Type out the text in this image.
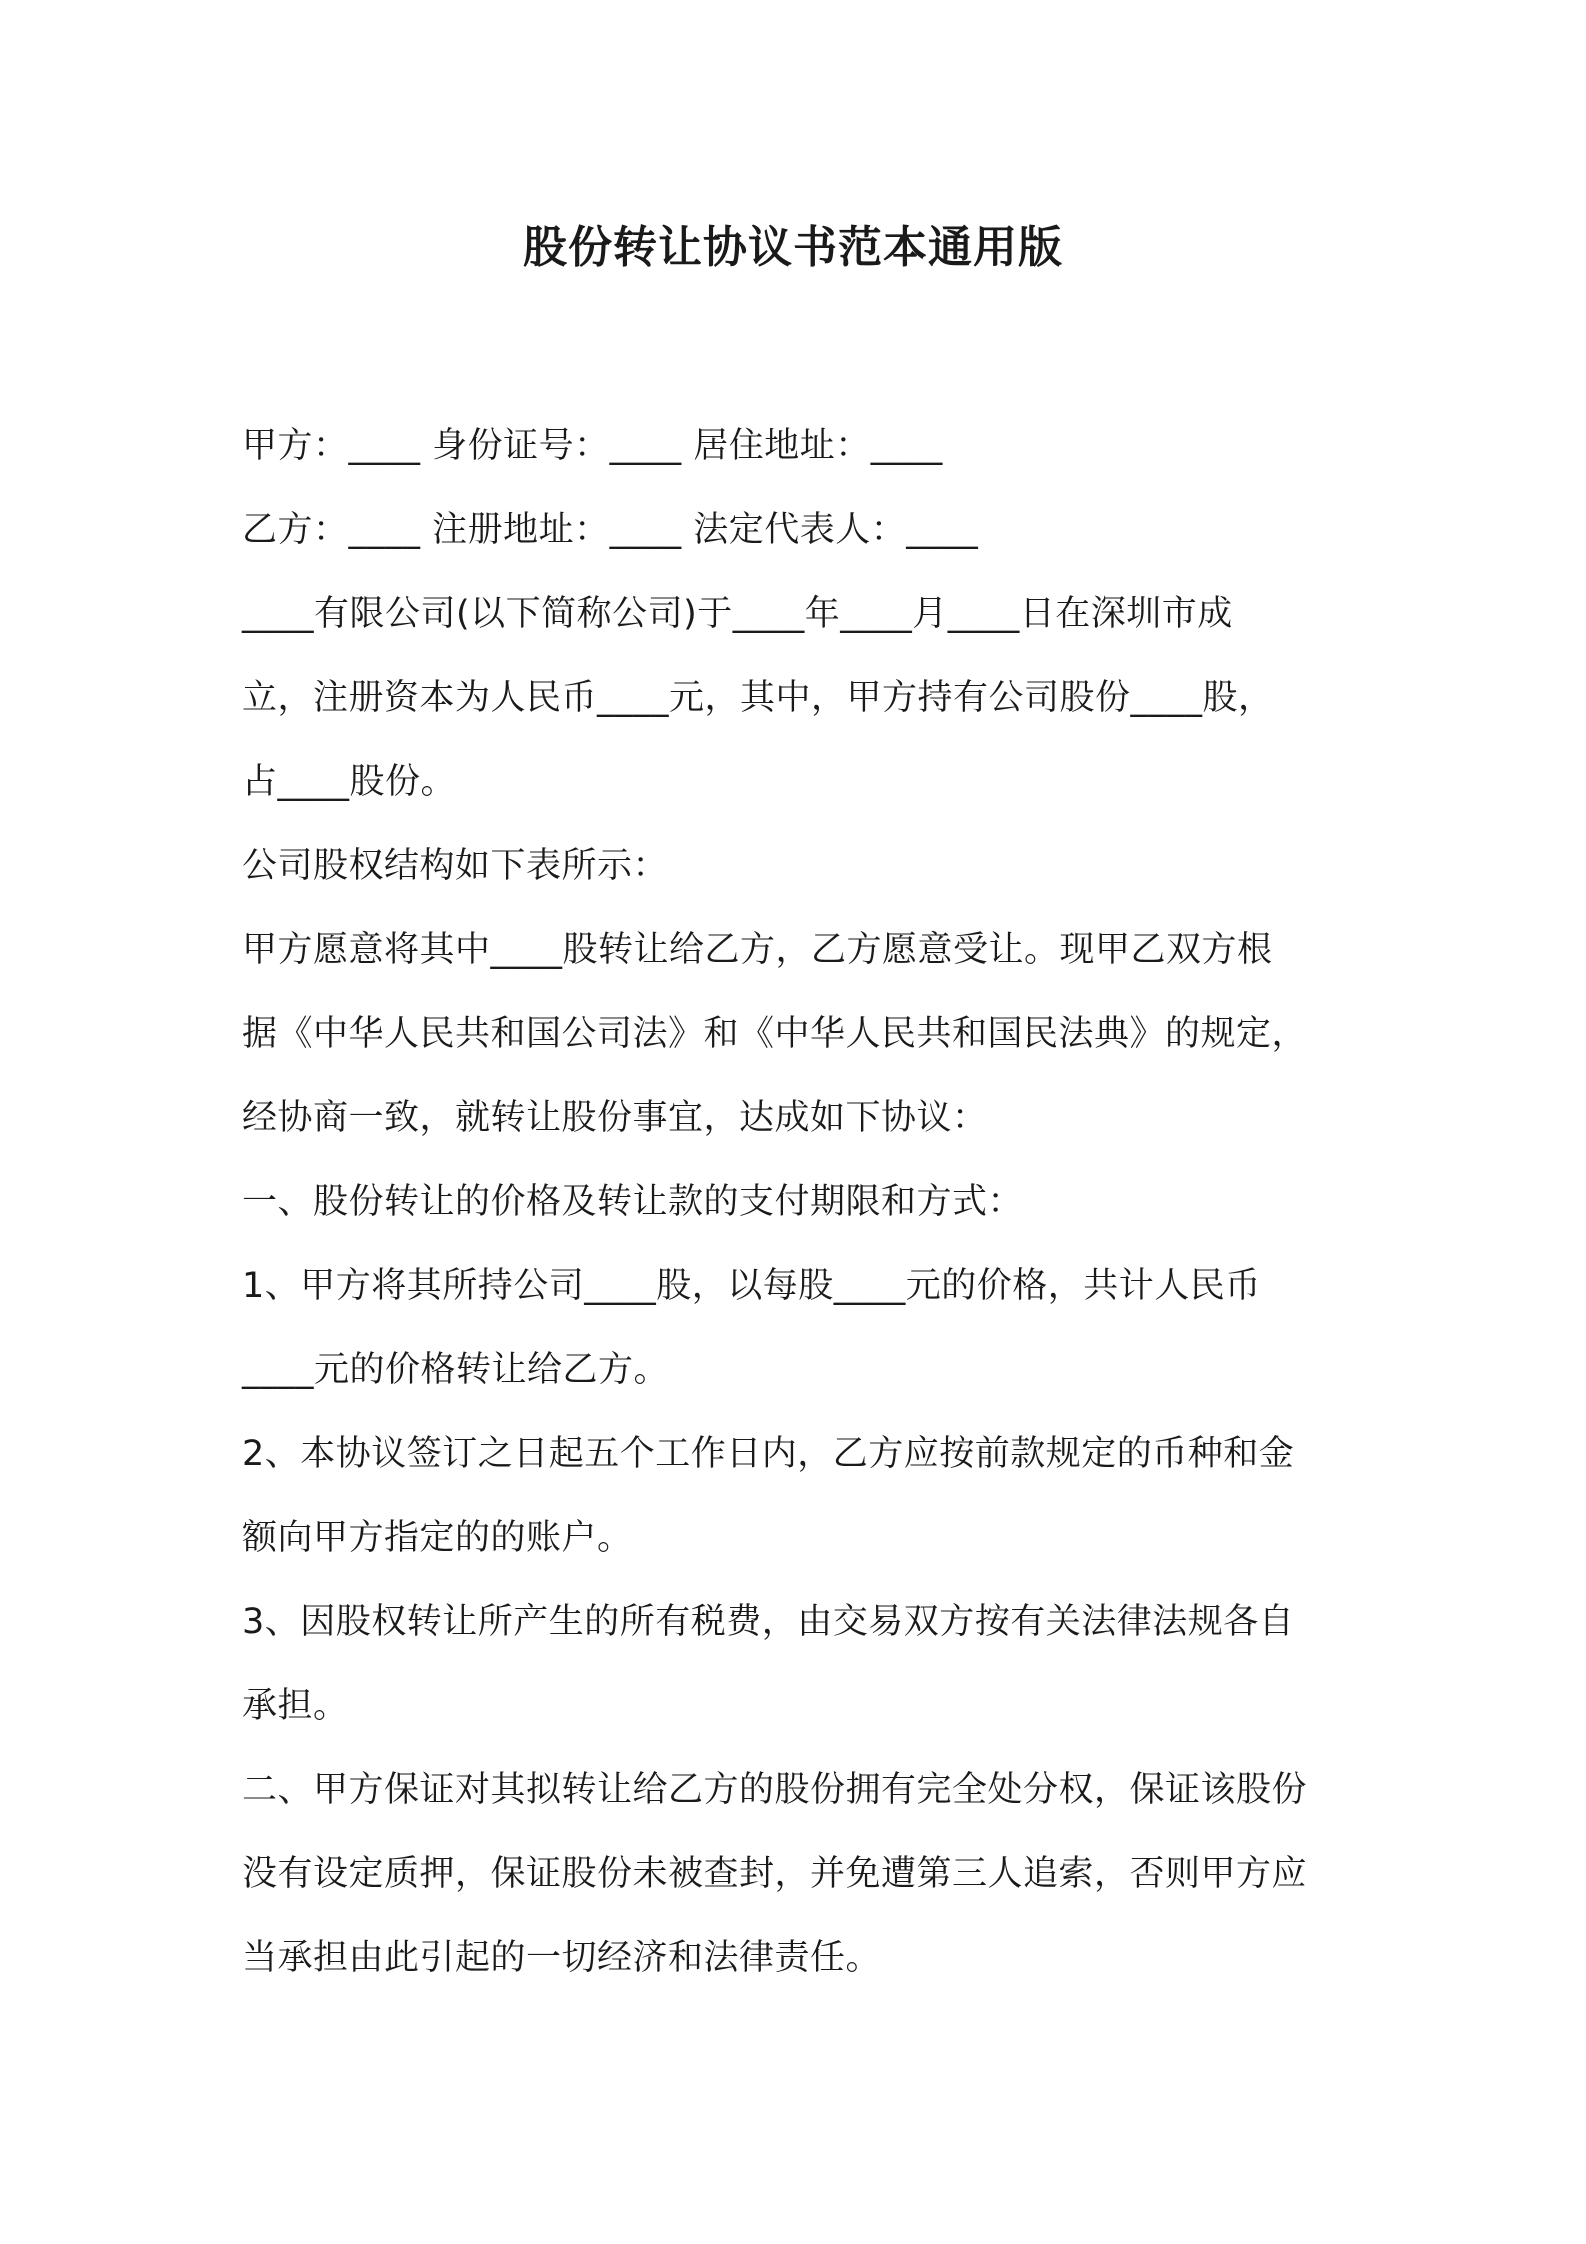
股份转让协议书范本通用版
甲方：____ 身份证号：____ 居住地址：____
乙方：____ 注册地址：____ 法定代表人：____
____有限公司(以下简称公司)于____年____月____日在深圳市成
立，注册资本为人民币____元，其中，甲方持有公司股份____股，
占____股份。
公司股权结构如下表所示：
甲方愿意将其中____股转让给乙方，乙方愿意受让。现甲乙双方根
据《中华人民共和国公司法》和《中华人民共和国民法典》的规定，
经协商一致，就转让股份事宜，达成如下协议：
一、股份转让的价格及转让款的支付期限和方式：
1、甲方将其所持公司____股，以每股____元的价格，共计人民币
____元的价格转让给乙方。
2、本协议签订之日起五个工作日内，乙方应按前款规定的币种和金
额向甲方指定的的账户。
3、因股权转让所产生的所有税费，由交易双方按有关法律法规各自
承担。
二、甲方保证对其拟转让给乙方的股份拥有完全处分权，保证该股份
没有设定质押，保证股份未被查封，并免遭第三人追索，否则甲方应
当承担由此引起的一切经济和法律责任。
